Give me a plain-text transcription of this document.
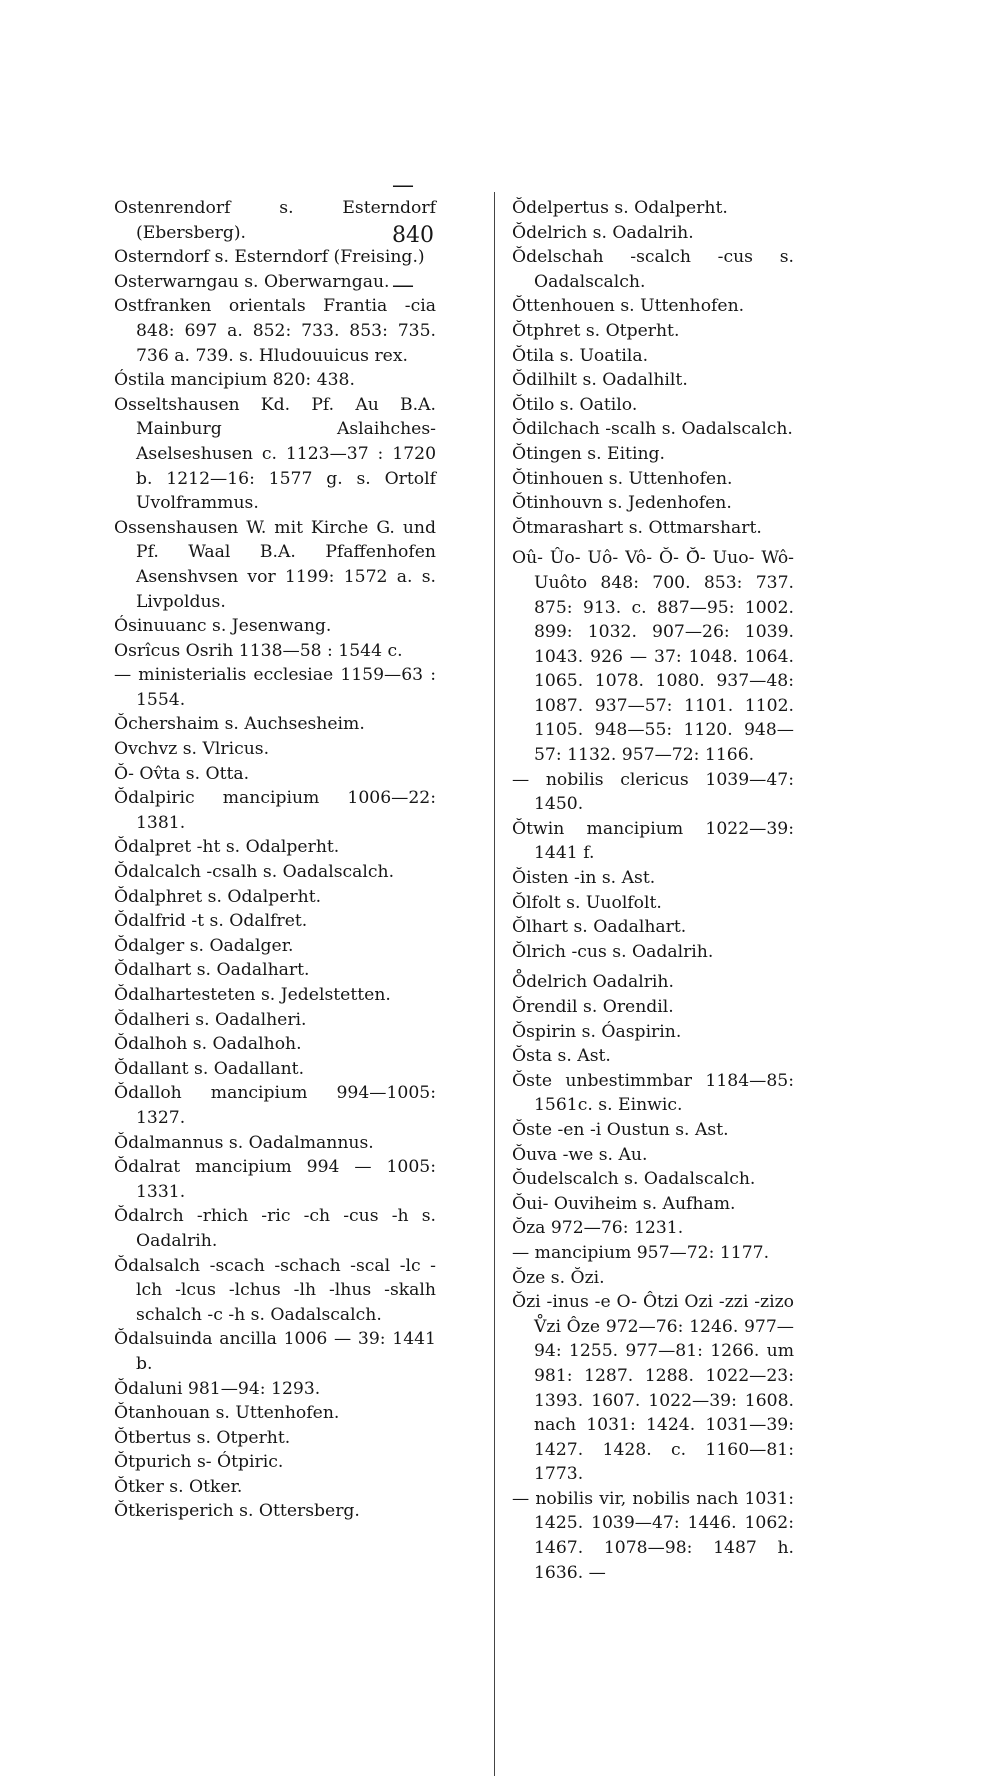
—

840

—

Ostenrendorf s. Esterndorf (Ebersberg).

Osterndorf s. Esterndorf (Freising.)

Osterwarngau s. Oberwarngau.

Ostfranken orientals Frantia -cia 848: 697 a. 852: 733. 853: 735. 736 a. 739. s. Hludouuicus rex.

Óstila mancipium 820: 438.

Osseltshausen Kd. Pf. Au B.A. Mainburg Aslaihches- Aselseshusen c. 1123—37 : 1720 b. 1212—16: 1577 g. s. Ortolf Uvolframmus.

Ossenshausen W. mit Kirche G. und Pf. Waal B.A. Pfaffenhofen Asenshvsen vor 1199: 1572 a. s. Livpoldus.

Ósinuuanc s. Jesenwang.

Osrîcus Osrih 1138—58 : 1544 c.

— ministerialis ecclesiae 1159—63 : 1554.

Ŏchershaim s. Auchsesheim.

Ovchvz s. Vlricus.

Ŏ- Ov̂ta s. Otta.

Ŏdalpiric mancipium 1006—22: 1381.

Ŏdalpret -ht s. Odalperht.

Ŏdalcalch -csalh s. Oadalscalch.

Ŏdalphret s. Odalperht.

Ŏdalfrid -t s. Odalfret.

Ŏdalger s. Oadalger.

Ŏdalhart s. Oadalhart.

Ŏdalhartesteten s. Jedelstetten.

Ŏdalheri s. Oadalheri.

Ŏdalhoh s. Oadalhoh.

Ŏdallant s. Oadallant.

Ŏdalloh mancipium 994—1005: 1327.

Ŏdalmannus s. Oadalmannus.

Ŏdalrat mancipium 994 — 1005: 1331.

Ŏdalrch -rhich -ric -ch -cus -h s. Oadalrih.

Ŏdalsalch -scach -schach -scal -lc -lch -lcus -lchus -lh -lhus -skalh schalch -c -h s. Oadalscalch.

Ŏdalsuinda ancilla 1006 — 39: 1441 b.

Ŏdaluni 981—94: 1293.

Ŏtanhouan s. Uttenhofen.

Ŏtbertus s. Otperht.

Ŏtpurich s- Ótpiric.

Ŏtker s. Otker.

Ŏtkerisperich s. Ottersberg.

Ŏdelpertus s. Odalperht.

Ŏdelrich s. Oadalrih.

Ŏdelschah -scalch -cus s. Oadalscalch.

Ŏttenhouen s. Uttenhofen.

Ŏtphret s. Otperht.

Ŏtila s. Uoatila.

Ŏdilhilt s. Oadalhilt.

Ŏtilo s. Oatilo.

Ŏdilchach -scalh s. Oadalscalch.

Ŏtingen s. Eiting.

Ŏtinhouen s. Uttenhofen.

Ŏtinhouvn s. Jedenhofen.

Ŏtmarashart s. Ottmarshart.

Oû- Ûo- Uô- Vô- Ŏ- Ŏ̂- Uuo- Wô- Uuôto 848: 700. 853: 737. 875: 913. c. 887—95: 1002. 899: 1032. 907—26: 1039. 1043. 926 — 37: 1048. 1064. 1065. 1078. 1080. 937—48: 1087. 937—57: 1101. 1102. 1105. 948—55: 1120. 948—57: 1132. 957—72: 1166.

— nobilis clericus 1039—47: 1450.

Ŏtwin mancipium 1022—39: 1441 f.

Ŏisten -in s. Ast.

Ŏlfolt s. Uuolfolt.

Ŏlhart s. Oadalhart.

Ŏlrich -cus s. Oadalrih.

O̊delrich Oadalrih.

Ŏrendil s. Orendil.

Ŏspirin s. Óaspirin.

Ŏsta s. Ast.

Ŏste unbestimmbar 1184—85: 1561c. s. Einwic.

Ŏste -en -i Oustun s. Ast.

Ŏuva -we s. Au.

Ŏudelscalch s. Oadalscalch.

Ŏui- Ouviheim s. Aufham.

Ŏza 972—76: 1231.

— mancipium 957—72: 1177.

Ŏze s. Ŏzi.

Ŏzi -inus -e O- Ôtzi Ozi -zzi -zizo V̊zi Ôze 972—76: 1246. 977—94: 1255. 977—81: 1266. um 981: 1287. 1288. 1022—23: 1393. 1607. 1022—39: 1608. nach 1031: 1424. 1031—39: 1427. 1428. c. 1160—81: 1773.

— nobilis vir, nobilis nach 1031: 1425. 1039—47: 1446. 1062: 1467. 1078—98: 1487 h. 1636. —
